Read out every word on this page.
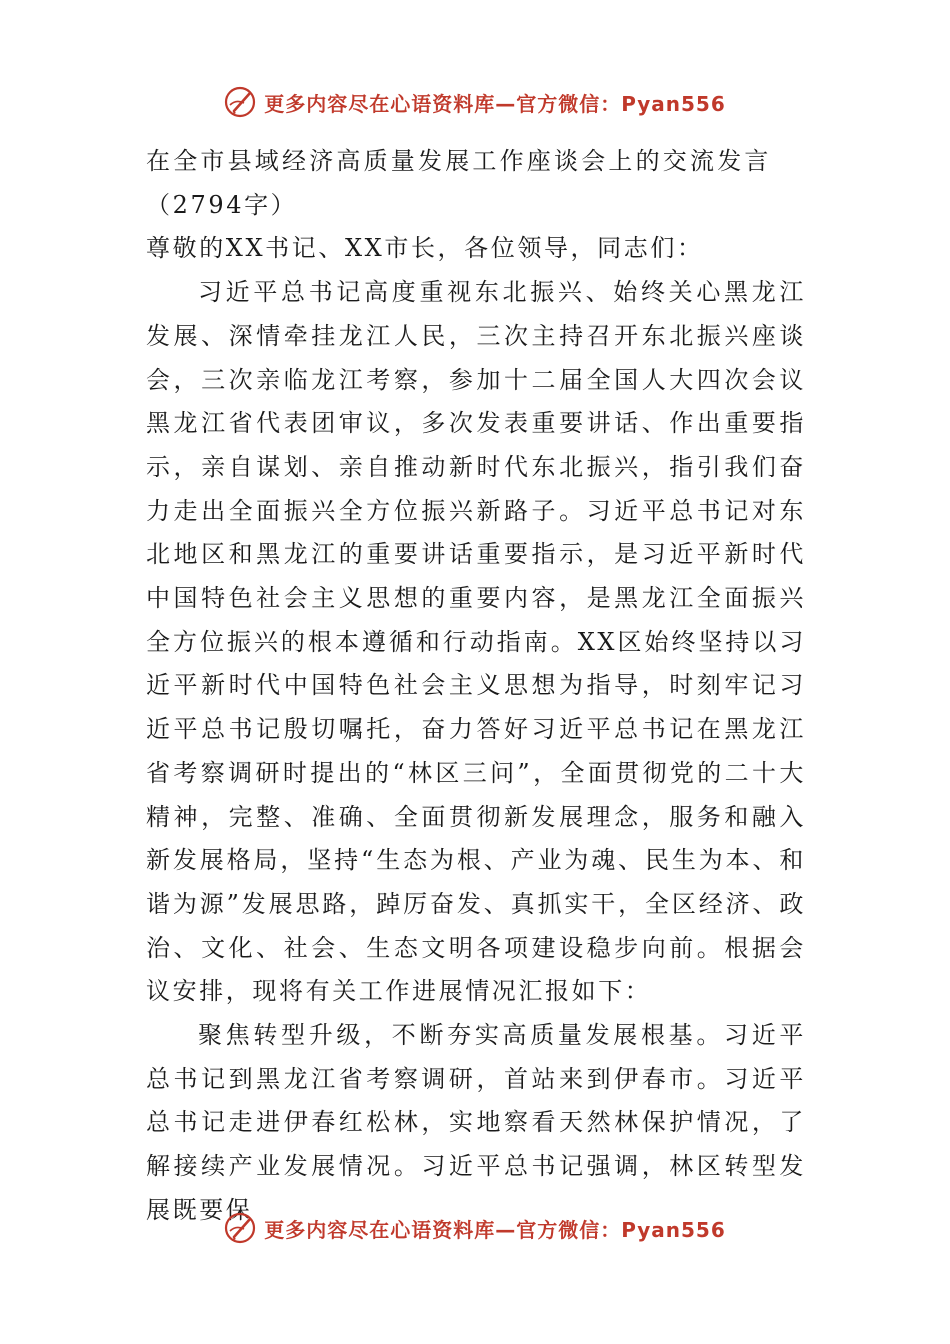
更多内容尽在心语资料库—官方微信：Pyan556

在全市县域经济高质量发展工作座谈会上的交流发言

（2794字）

尊敬的XX书记、XX市长，各位领导，同志们：

习近平总书记高度重视东北振兴、始终关心黑龙江发展、深情牵挂龙江人民，三次主持召开东北振兴座谈会，三次亲临龙江考察，参加十二届全国人大四次会议黑龙江省代表团审议，多次发表重要讲话、作出重要指示，亲自谋划、亲自推动新时代东北振兴，指引我们奋力走出全面振兴全方位振兴新路子。习近平总书记对东北地区和黑龙江的重要讲话重要指示，是习近平新时代中国特色社会主义思想的重要内容，是黑龙江全面振兴全方位振兴的根本遵循和行动指南。XX区始终坚持以习近平新时代中国特色社会主义思想为指导，时刻牢记习近平总书记殷切嘱托，奋力答好习近平总书记在黑龙江省考察调研时提出的“林区三问”，全面贯彻党的二十大精神，完整、准确、全面贯彻新发展理念，服务和融入新发展格局，坚持“生态为根、产业为魂、民生为本、和谐为源”发展思路，踔厉奋发、真抓实干，全区经济、政治、文化、社会、生态文明各项建设稳步向前。根据会议安排，现将有关工作进展情况汇报如下：

聚焦转型升级，不断夯实高质量发展根基。习近平总书记到黑龙江省考察调研，首站来到伊春市。习近平总书记走进伊春红松林，实地察看天然林保护情况，了解接续产业发展情况。习近平总书记强调，林区转型发展既要保

更多内容尽在心语资料库—官方微信：Pyan556
